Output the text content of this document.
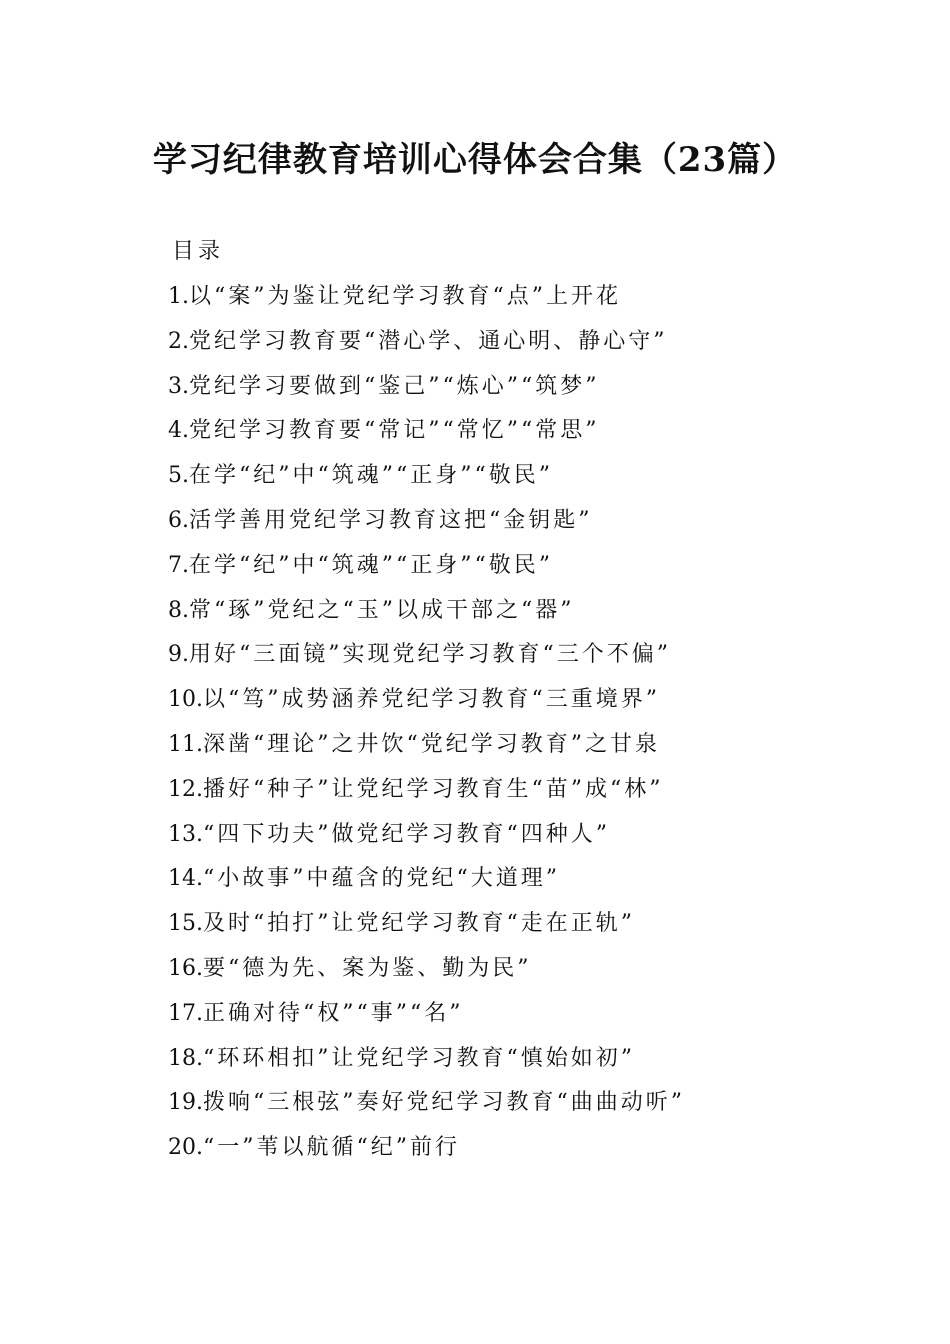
学习纪律教育培训心得体会合集（23篇）
目录
1.以“案”为鉴让党纪学习教育“点”上开花
2.党纪学习教育要“潜心学、通心明、静心守”
3.党纪学习要做到“鉴己”“炼心”“筑梦”
4.党纪学习教育要“常记”“常忆”“常思”
5.在学“纪”中“筑魂”“正身”“敬民”
6.活学善用党纪学习教育这把“金钥匙”
7.在学“纪”中“筑魂”“正身”“敬民”
8.常“琢”党纪之“玉”以成干部之“器”
9.用好“三面镜”实现党纪学习教育“三个不偏”
10.以“笃”成势涵养党纪学习教育“三重境界”
11.深凿“理论”之井饮“党纪学习教育”之甘泉
12.播好“种子”让党纪学习教育生“苗”成“林”
13.“四下功夫”做党纪学习教育“四种人”
14.“小故事”中蕴含的党纪“大道理”
15.及时“拍打”让党纪学习教育“走在正轨”
16.要“德为先、案为鉴、勤为民”
17.正确对待“权”“事”“名”
18.“环环相扣”让党纪学习教育“慎始如初”
19.拨响“三根弦”奏好党纪学习教育“曲曲动听”
20.“一”苇以航循“纪”前行
